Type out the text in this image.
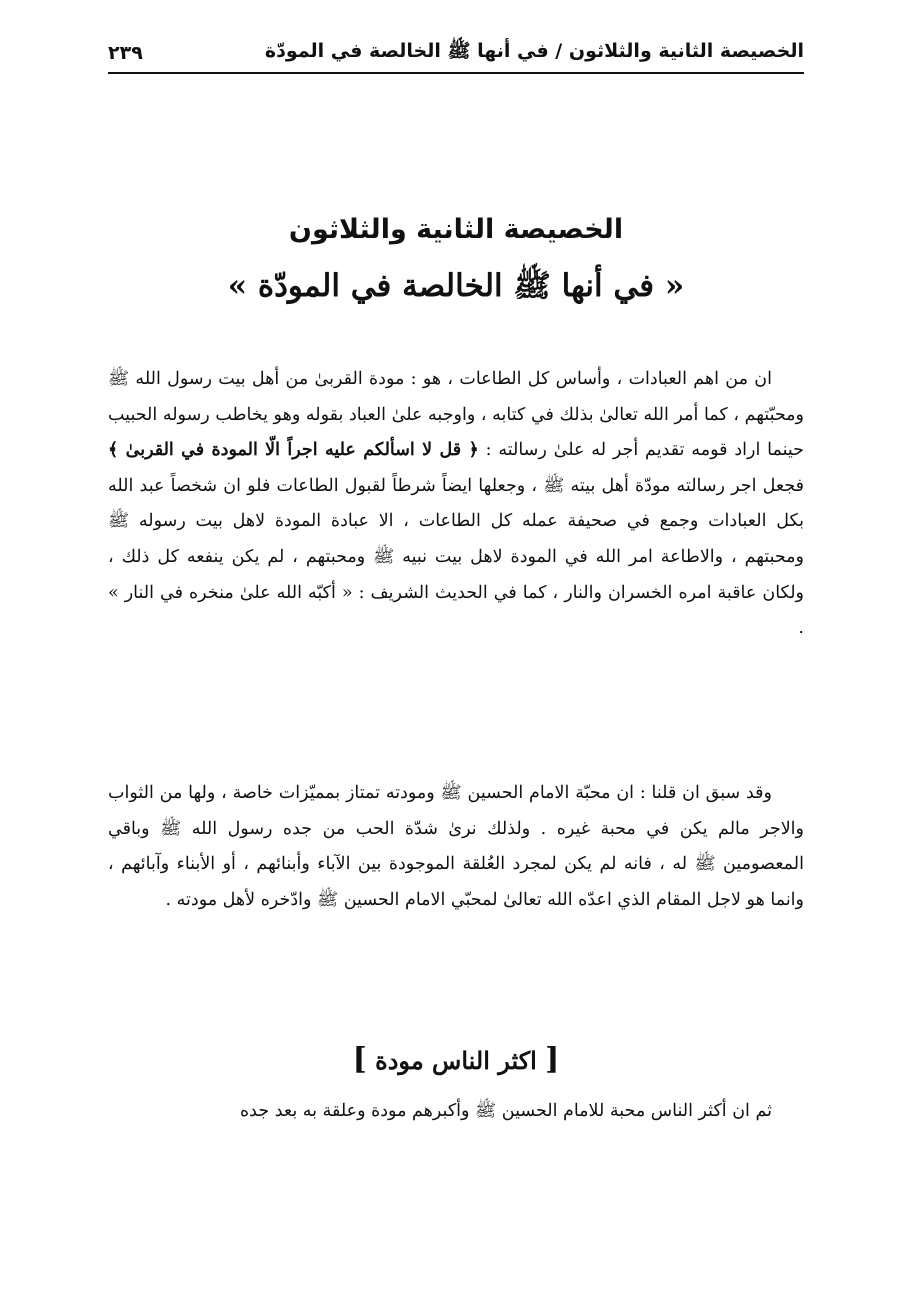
الخصيصة الثانية والثلاثون / في أنها ﷺ الخالصة في المودّة
٢٣٩
الخصيصة الثانية والثلاثون
« في أنها ﷺ الخالصة في المودّة »

ان من اهم العبادات ، وأساس كل الطاعات ، هو : مودة القربىٰ من أهل بيت رسول الله ﷺ ومحبّتهم ، كما أمر الله تعالىٰ بذلك في كتابه ، واوجبه علىٰ العباد بقوله وهو يخاطب رسوله الحبيب حينما اراد قومه تقديم أجر له علىٰ رسالته : ﴿ قل لا اسألكم عليه اجراً الّا المودة في القربىٰ ﴾ فجعل اجر رسالته مودّة أهل بيته ﷺ ، وجعلها ايضاً شرطاً لقبول الطاعات فلو ان شخصاً عبد الله بكل العبادات وجمع في صحيفة عمله كل الطاعات ، الا عبادة المودة لاهل بيت رسوله ﷺ ومحبتهم ، والاطاعة امر الله في المودة لاهل بيت نبيه ﷺ ومحبتهم ، لم يكن ينفعه كل ذلك ، ولكان عاقبة امره الخسران والنار ، كما في الحديث الشريف : « أكبّه الله علىٰ منخره في النار » .

وقد سبق ان قلنا : ان محبّة الامام الحسين ﷺ ومودته تمتاز بمميّزات خاصة ، ولها من الثواب والاجر مالم يكن في محبة غيره . ولذلك نرىٰ شدّة الحب من جده رسول الله ﷺ وباقي المعصومين ﷺ له ، فانه لم يكن لمجرد العُلقة الموجودة بين الآباء وأبنائهم ، أو الأبناء وآبائهم ، وانما هو لاجل المقام الذي اعدّه الله تعالىٰ لمحبّي الامام الحسين ﷺ وادّخره لأهل مودته .

[ اكثر الناس مودة ]

ثم ان أكثر الناس محبة للامام الحسين ﷺ وأكبرهم مودة وعلقة به بعد جده
